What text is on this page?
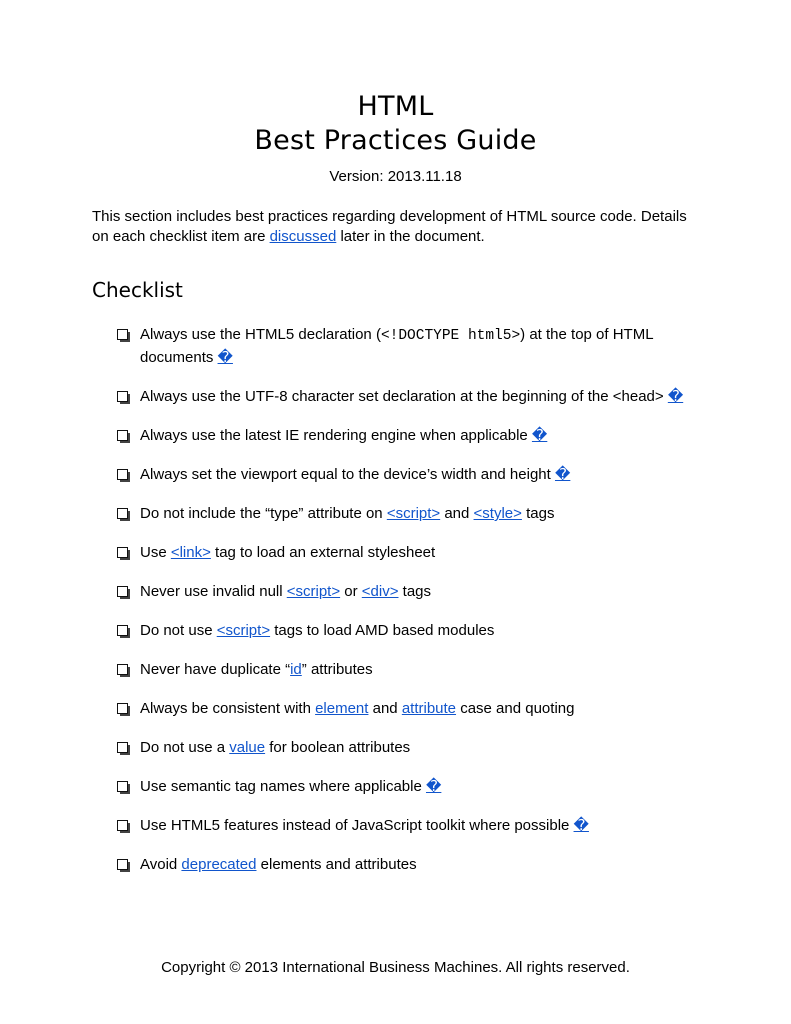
HTML
Best Practices Guide
Version: 2013.11.18

This section includes best practices regarding development of HTML source code. Details on each checklist item are discussed later in the document.

Checklist
Always use the HTML5 declaration (<!DOCTYPE html5>) at the top of HTML documents �
Always use the UTF-8 character set declaration at the beginning of the <head> �
Always use the latest IE rendering engine when applicable �
Always set the viewport equal to the device’s width and height �
Do not include the “type” attribute on <script> and <style> tags
Use <link> tag to load an external stylesheet
Never use invalid null <script> or <div> tags
Do not use <script> tags to load AMD based modules
Never have duplicate “id” attributes
Always be consistent with element and attribute case and quoting
Do not use a value for boolean attributes
Use semantic tag names where applicable �
Use HTML5 features instead of JavaScript toolkit where possible �
Avoid deprecated elements and attributes
Copyright © 2013 International Business Machines. All rights reserved.
